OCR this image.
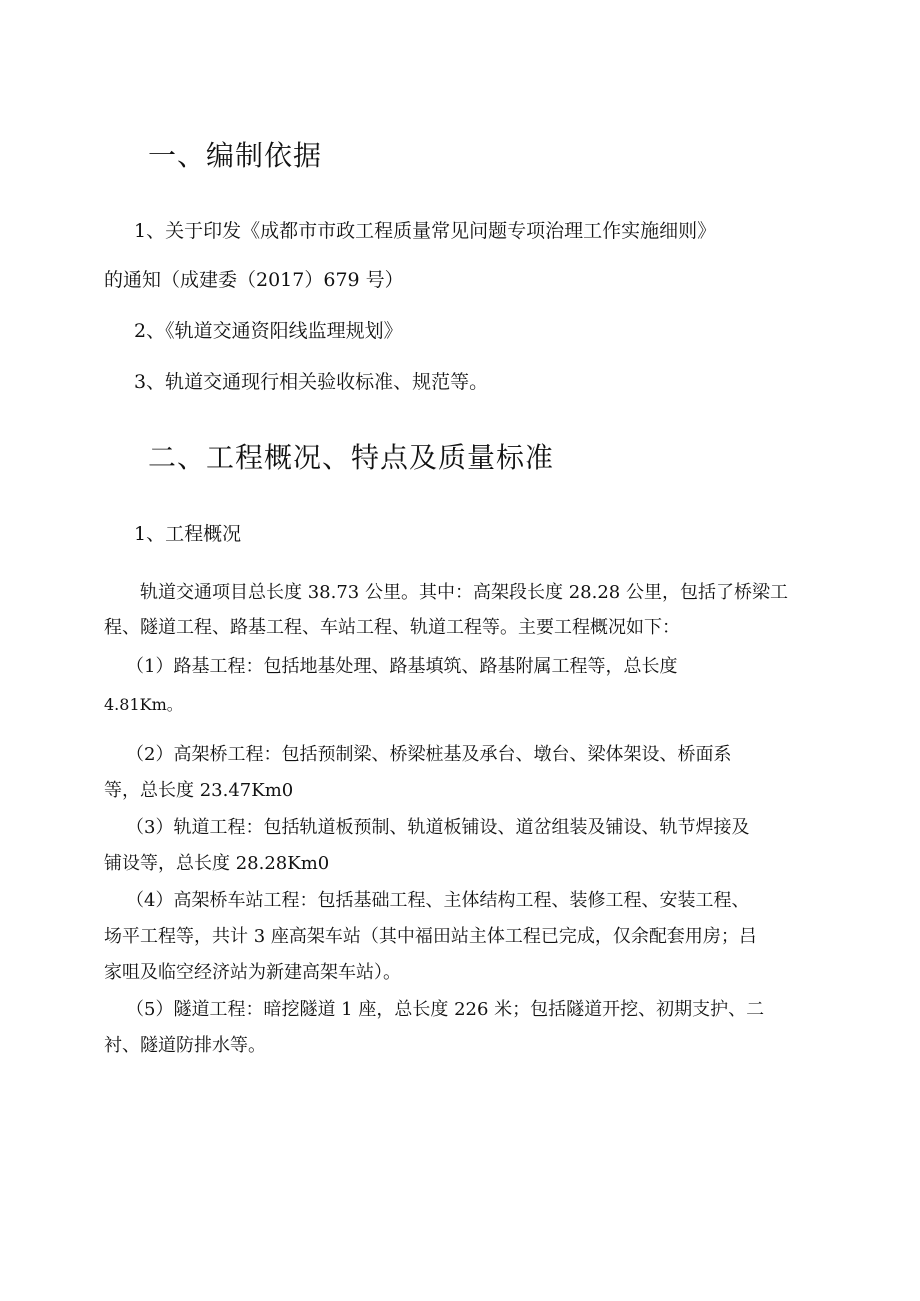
一、编制依据

1、关于印发《成都市市政工程质量常见问题专项治理工作实施细则》

的通知（成建委（2017）679 号）

2、《轨道交通资阳线监理规划》

3、轨道交通现行相关验收标准、规范等。

二、工程概况、特点及质量标准

1、工程概况

轨道交通项目总长度 38.73 公里。其中：高架段长度 28.28 公里，包括了桥梁工

程、隧道工程、路基工程、车站工程、轨道工程等。主要工程概况如下：

（1）路基工程：包括地基处理、路基填筑、路基附属工程等，总长度

4.81Km。

（2）高架桥工程：包括预制梁、桥梁桩基及承台、墩台、梁体架设、桥面系

等，总长度 23.47Km0

（3）轨道工程：包括轨道板预制、轨道板铺设、道岔组装及铺设、轨节焊接及

铺设等，总长度 28.28Km0

（4）高架桥车站工程：包括基础工程、主体结构工程、装修工程、安装工程、

场平工程等，共计 3 座高架车站（其中福田站主体工程已完成，仅余配套用房；吕

家咀及临空经济站为新建高架车站）。

（5）隧道工程：暗挖隧道 1 座，总长度 226 米；包括隧道开挖、初期支护、二

衬、隧道防排水等。
